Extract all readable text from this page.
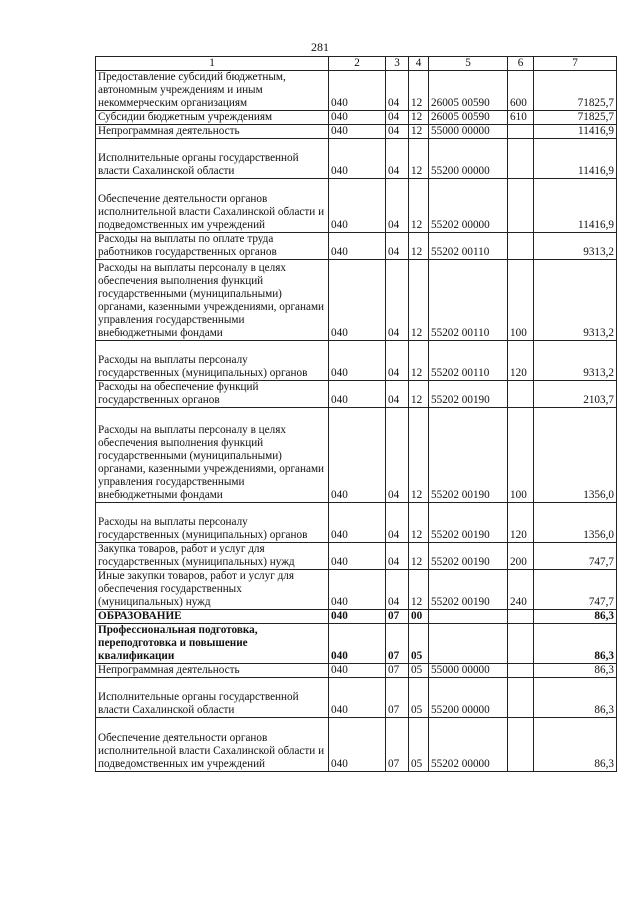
281
1	2	3	4	5	6	7
Предоставление субсидий бюджетным, автономным учреждениям и иным некоммерческим организациям	040	04	12	26005 00590	600	71825,7
Субсидии бюджетным учреждениям	040	04	12	26005 00590	610	71825,7
Непрограммная деятельность	040	04	12	55000 00000		11416,9
Исполнительные органы государственной власти Сахалинской области	040	04	12	55200 00000		11416,9
Обеспечение деятельности органов исполнительной власти Сахалинской области и подведомственных им учреждений	040	04	12	55202 00000		11416,9
Расходы на выплаты по оплате труда работников государственных органов	040	04	12	55202 00110		9313,2
Расходы на выплаты персоналу в целях обеспечения выполнения функций государственными (муниципальными) органами, казенными учреждениями, органами управления государственными внебюджетными фондами	040	04	12	55202 00110	100	9313,2
Расходы на выплаты персоналу государственных (муниципальных) органов	040	04	12	55202 00110	120	9313,2
Расходы на обеспечение функций государственных органов	040	04	12	55202 00190		2103,7
Расходы на выплаты персоналу в целях обеспечения выполнения функций государственными (муниципальными) органами, казенными учреждениями, органами управления государственными внебюджетными фондами	040	04	12	55202 00190	100	1356,0
Расходы на выплаты персоналу государственных (муниципальных) органов	040	04	12	55202 00190	120	1356,0
Закупка товаров, работ и услуг для государственных (муниципальных) нужд	040	04	12	55202 00190	200	747,7
Иные закупки товаров, работ и услуг для обеспечения государственных (муниципальных) нужд	040	04	12	55202 00190	240	747,7
ОБРАЗОВАНИЕ	040	07	00			86,3
Профессиональная подготовка, переподготовка и повышение квалификации	040	07	05			86,3
Непрограммная деятельность	040	07	05	55000 00000		86,3
Исполнительные органы государственной власти Сахалинской области	040	07	05	55200 00000		86,3
Обеспечение деятельности органов исполнительной власти Сахалинской области и подведомственных им учреждений	040	07	05	55202 00000		86,3
